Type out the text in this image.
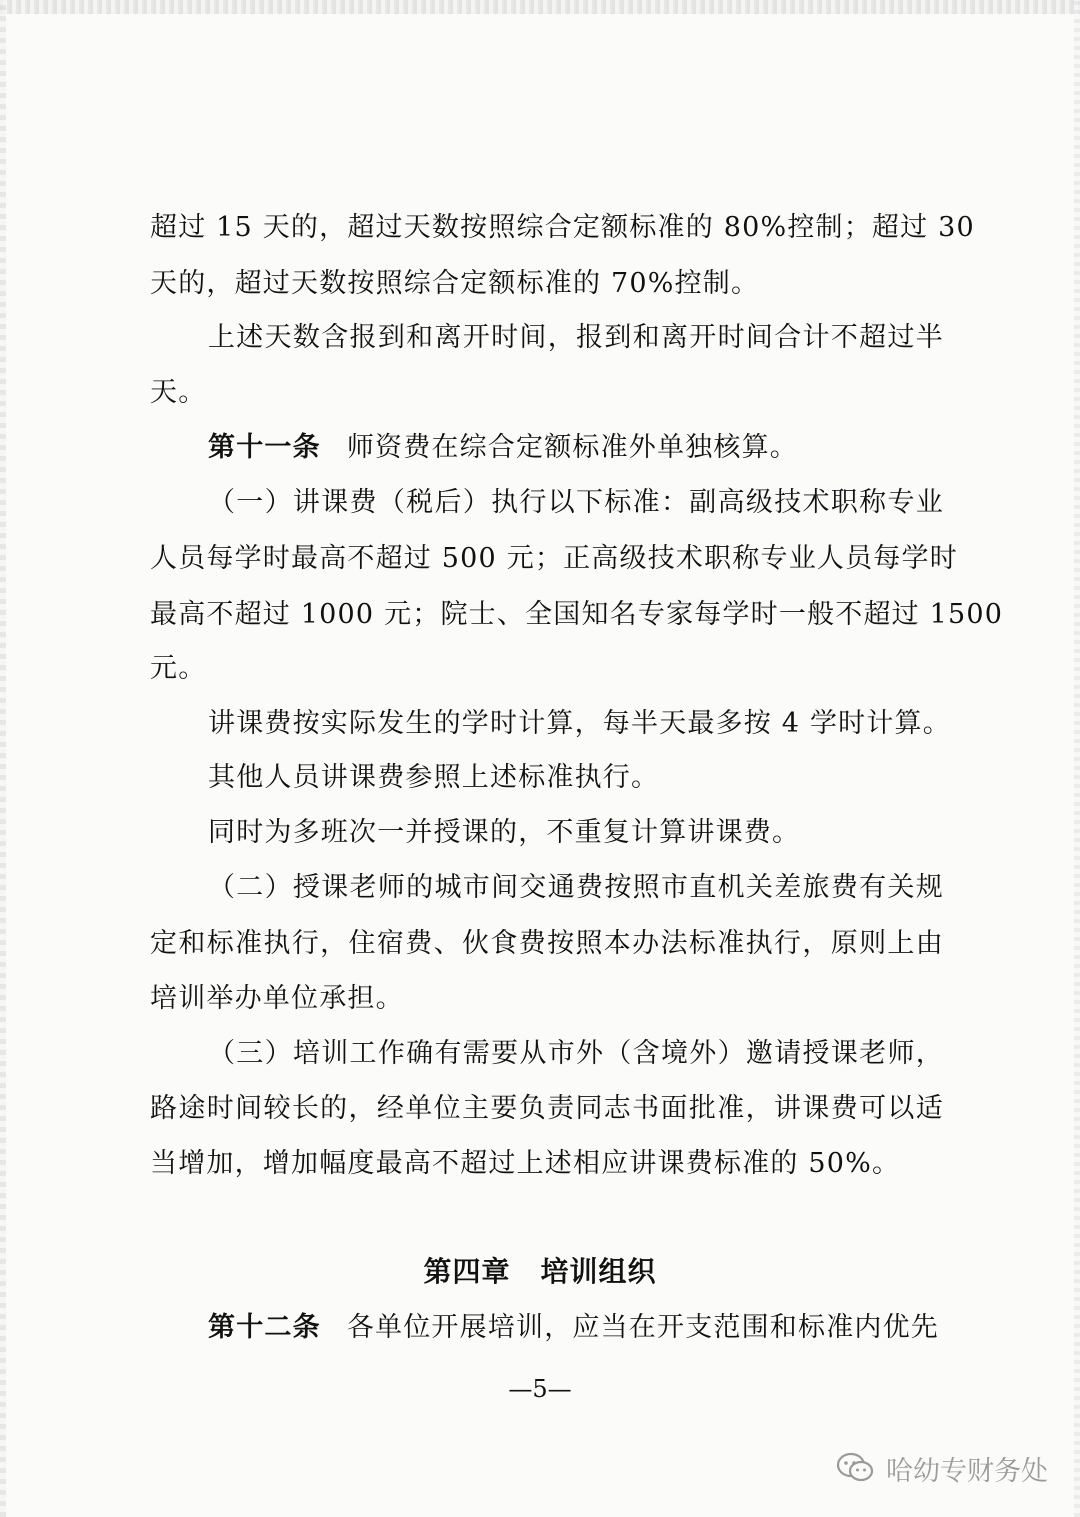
超过 15 天的，超过天数按照综合定额标准的 80%控制；超过 30
天的，超过天数按照综合定额标准的 70%控制。
上述天数含报到和离开时间，报到和离开时间合计不超过半
天。
第十一条 师资费在综合定额标准外单独核算。
（一）讲课费（税后）执行以下标准：副高级技术职称专业
人员每学时最高不超过 500 元；正高级技术职称专业人员每学时
最高不超过 1000 元；院士、全国知名专家每学时一般不超过 1500
元。
讲课费按实际发生的学时计算，每半天最多按 4 学时计算。
其他人员讲课费参照上述标准执行。
同时为多班次一并授课的，不重复计算讲课费。
（二）授课老师的城市间交通费按照市直机关差旅费有关规
定和标准执行，住宿费、伙食费按照本办法标准执行，原则上由
培训举办单位承担。
（三）培训工作确有需要从市外（含境外）邀请授课老师，
路途时间较长的，经单位主要负责同志书面批准，讲课费可以适
当增加，增加幅度最高不超过上述相应讲课费标准的 50%。
第四章 培训组织
第十二条 各单位开展培训，应当在开支范围和标准内优先
—5—
哈幼专财务处
